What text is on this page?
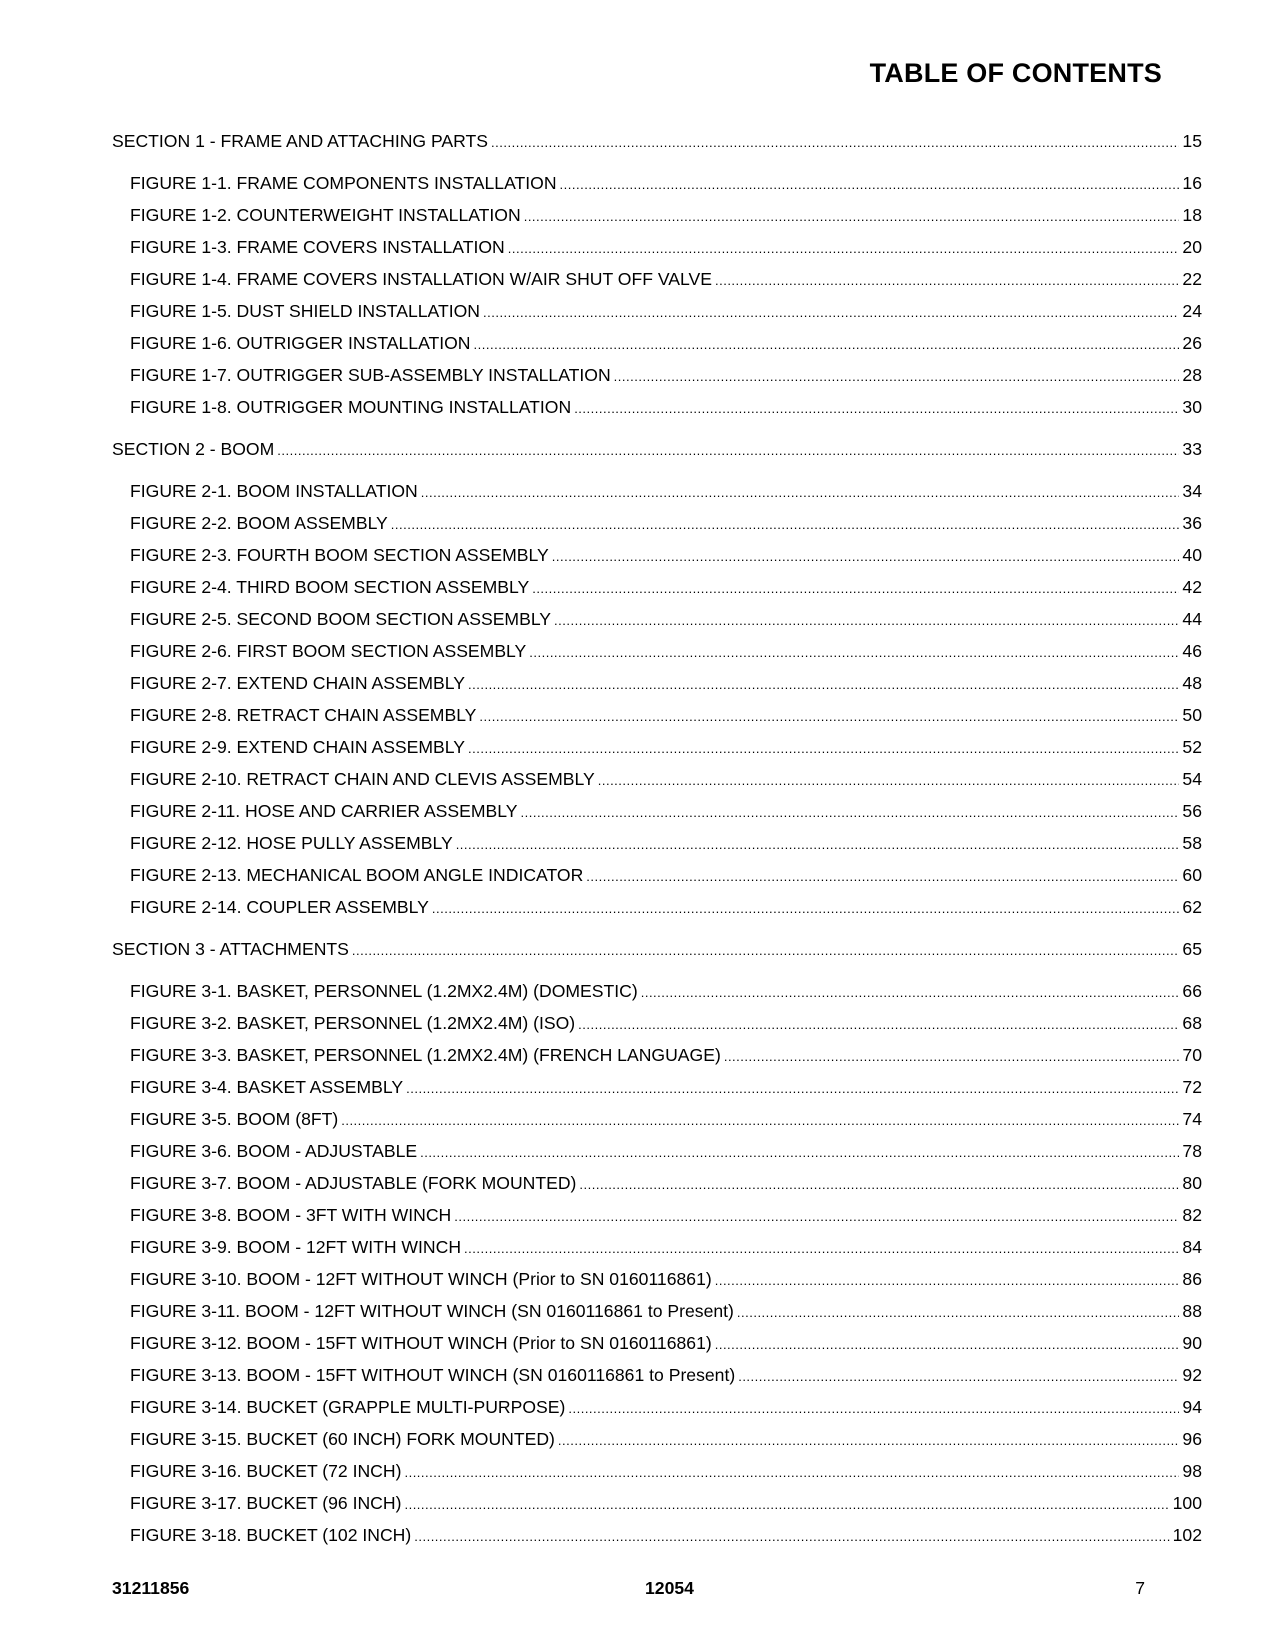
TABLE OF CONTENTS
SECTION 1 - FRAME AND ATTACHING PARTS .....	15
FIGURE 1-1. FRAME COMPONENTS INSTALLATION .....	16
FIGURE 1-2. COUNTERWEIGHT INSTALLATION .....	18
FIGURE 1-3. FRAME COVERS INSTALLATION .....	20
FIGURE 1-4. FRAME COVERS INSTALLATION W/AIR SHUT OFF VALVE .....	22
FIGURE 1-5. DUST SHIELD INSTALLATION .....	24
FIGURE 1-6. OUTRIGGER INSTALLATION .....	26
FIGURE 1-7. OUTRIGGER SUB-ASSEMBLY INSTALLATION .....	28
FIGURE 1-8. OUTRIGGER MOUNTING INSTALLATION .....	30
SECTION 2 - BOOM .....	33
FIGURE 2-1. BOOM INSTALLATION .....	34
FIGURE 2-2. BOOM ASSEMBLY .....	36
FIGURE 2-3. FOURTH BOOM SECTION ASSEMBLY .....	40
FIGURE 2-4. THIRD BOOM SECTION ASSEMBLY .....	42
FIGURE 2-5. SECOND BOOM SECTION ASSEMBLY .....	44
FIGURE 2-6. FIRST BOOM SECTION ASSEMBLY .....	46
FIGURE 2-7. EXTEND CHAIN ASSEMBLY .....	48
FIGURE 2-8. RETRACT CHAIN ASSEMBLY .....	50
FIGURE 2-9. EXTEND CHAIN ASSEMBLY .....	52
FIGURE 2-10. RETRACT CHAIN AND CLEVIS ASSEMBLY .....	54
FIGURE 2-11. HOSE AND CARRIER ASSEMBLY .....	56
FIGURE 2-12. HOSE PULLY ASSEMBLY .....	58
FIGURE 2-13. MECHANICAL BOOM ANGLE INDICATOR .....	60
FIGURE 2-14. COUPLER ASSEMBLY .....	62
SECTION 3 - ATTACHMENTS .....	65
FIGURE 3-1. BASKET, PERSONNEL (1.2MX2.4M) (DOMESTIC) .....	66
FIGURE 3-2. BASKET, PERSONNEL (1.2MX2.4M) (ISO) .....	68
FIGURE 3-3. BASKET, PERSONNEL (1.2MX2.4M) (FRENCH LANGUAGE) .....	70
FIGURE 3-4. BASKET ASSEMBLY .....	72
FIGURE 3-5. BOOM (8FT) .....	74
FIGURE 3-6. BOOM - ADJUSTABLE .....	78
FIGURE 3-7. BOOM - ADJUSTABLE (FORK MOUNTED) .....	80
FIGURE 3-8. BOOM - 3FT WITH WINCH .....	82
FIGURE 3-9. BOOM - 12FT WITH WINCH .....	84
FIGURE 3-10. BOOM - 12FT WITHOUT WINCH (Prior to SN 0160116861) .....	86
FIGURE 3-11. BOOM - 12FT WITHOUT WINCH (SN 0160116861 to Present) .....	88
FIGURE 3-12. BOOM - 15FT WITHOUT WINCH (Prior to SN 0160116861) .....	90
FIGURE 3-13. BOOM - 15FT WITHOUT WINCH (SN 0160116861 to Present) .....	92
FIGURE 3-14. BUCKET (GRAPPLE MULTI-PURPOSE) .....	94
FIGURE 3-15. BUCKET (60 INCH) FORK MOUNTED) .....	96
FIGURE 3-16. BUCKET (72 INCH) .....	98
FIGURE 3-17. BUCKET (96 INCH) .....	100
FIGURE 3-18. BUCKET (102 INCH) .....	102
31211856	12054	7
